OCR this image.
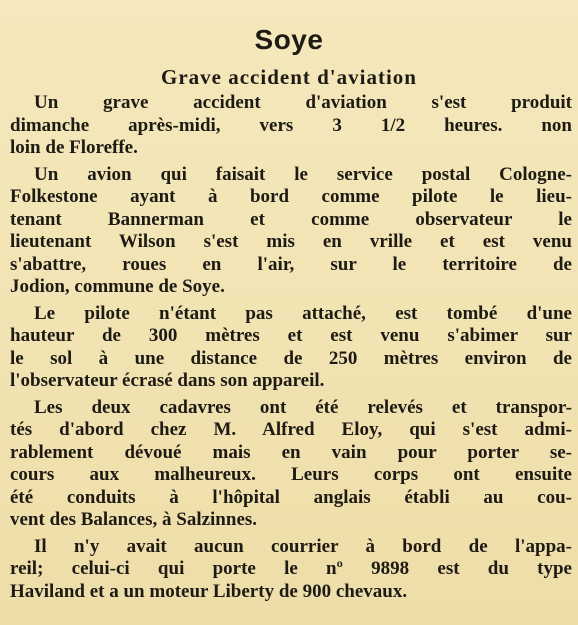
Soye
Grave accident d'aviation
Un grave accident d'aviation s'est produit
dimanche après-midi, vers 3 1/2 heures. non
loin de Floreffe.
Un avion qui faisait le service postal Cologne-
Folkestone ayant à bord comme pilote le lieu-
tenant Bannerman et comme observateur le
lieutenant Wilson s'est mis en vrille et est venu
s'abattre, roues en l'air, sur le territoire de
Jodion, commune de Soye.
Le pilote n'étant pas attaché, est tombé d'une
hauteur de 300 mètres et est venu s'abimer sur
le sol à une distance de 250 mètres environ de
l'observateur écrasé dans son appareil.
Les deux cadavres ont été relevés et transpor-
tés d'abord chez M. Alfred Eloy, qui s'est admi-
rablement dévoué mais en vain pour porter se-
cours aux malheureux. Leurs corps ont ensuite
été conduits à l'hôpital anglais établi au cou-
vent des Balances, à Salzinnes.
Il n'y avait aucun courrier à bord de l'appa-
reil; celui-ci qui porte le nº 9898 est du type
Haviland et a un moteur Liberty de 900 chevaux.
